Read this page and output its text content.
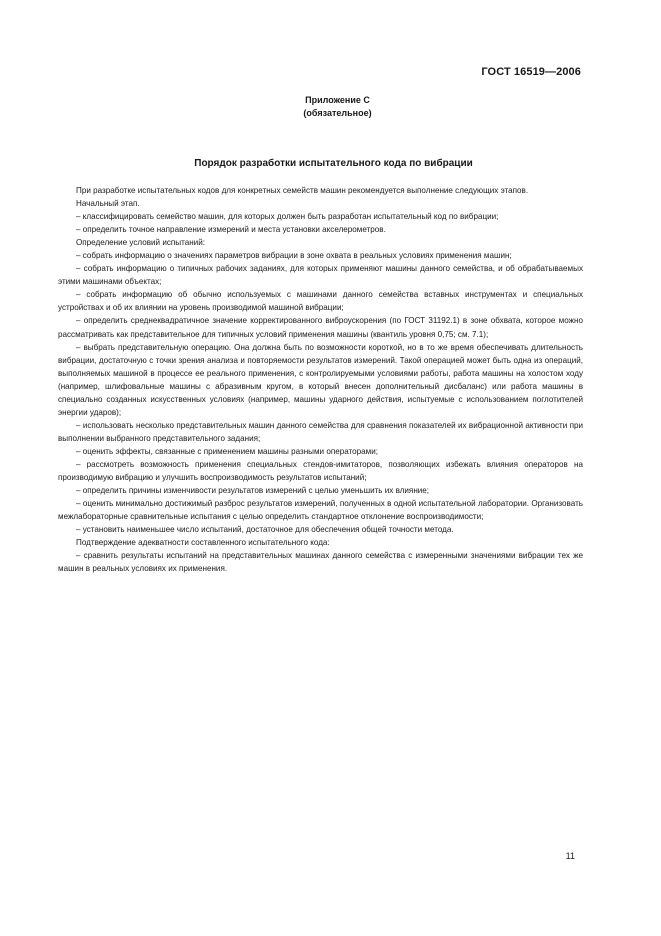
ГОСТ 16519—2006
Приложение С
(обязательное)
Порядок разработки испытательного кода по вибрации

При разработке испытательных кодов для конкретных семейств машин рекомендуется выполнение следующих этапов.

Начальный этап.

– классифицировать семейство машин, для которых должен быть разработан испытательный код по вибрации;

– определить точное направление измерений и места установки акселерометров.

Определение условий испытаний:

– собрать информацию о значениях параметров вибрации в зоне охвата в реальных условиях применения машин;

– собрать информацию о типичных рабочих заданиях, для которых применяют машины данного семейства, и об обрабатываемых этими машинами объектах;

– собрать информацию об обычно используемых с машинами данного семейства вставных инструментах и специальных устройствах и об их влиянии на уровень производимой машиной вибрации;

– определить среднеквадратичное значение корректированного виброускорения (по ГОСТ 31192.1) в зоне обхвата, которое можно рассматривать как представительное для типичных условий применения машины (квантиль уровня 0,75; см. 7.1);

– выбрать представительную операцию. Она должна быть по возможности короткой, но в то же время обеспечивать длительность вибрации, достаточную с точки зрения анализа и повторяемости результатов измерений. Такой операцией может быть одна из операций, выполняемых машиной в процессе ее реального применения, с контролируемыми условиями работы, работа машины на холостом ходу (например, шлифовальные машины с абразивным кругом, в который внесен дополнительный дисбаланс) или работа машины в специально созданных искусственных условиях (например, машины ударного действия, испытуемые с использованием поглотителей энергии ударов);

– использовать несколько представительных машин данного семейства для сравнения показателей их вибрационной активности при выполнении выбранного представительного задания;

– оценить эффекты, связанные с применением машины разными операторами;

– рассмотреть возможность применения специальных стендов-имитаторов, позволяющих избежать влияния операторов на производимую вибрацию и улучшить воспроизводимость результатов испытаний;

– определить причины изменчивости результатов измерений с целью уменьшить их влияние;

– оценить минимально достижимый разброс результатов измерений, полученных в одной испытательной лаборатории. Организовать межлабораторные сравнительные испытания с целью определить стандартное отклонение воспроизводимости;

– установить наименьшее число испытаний, достаточное для обеспечения общей точности метода.

Подтверждение адекватности составленного испытательного кода:

– сравнить результаты испытаний на представительных машинах данного семейства с измеренными значениями вибрации тех же машин в реальных условиях их применения.

11
